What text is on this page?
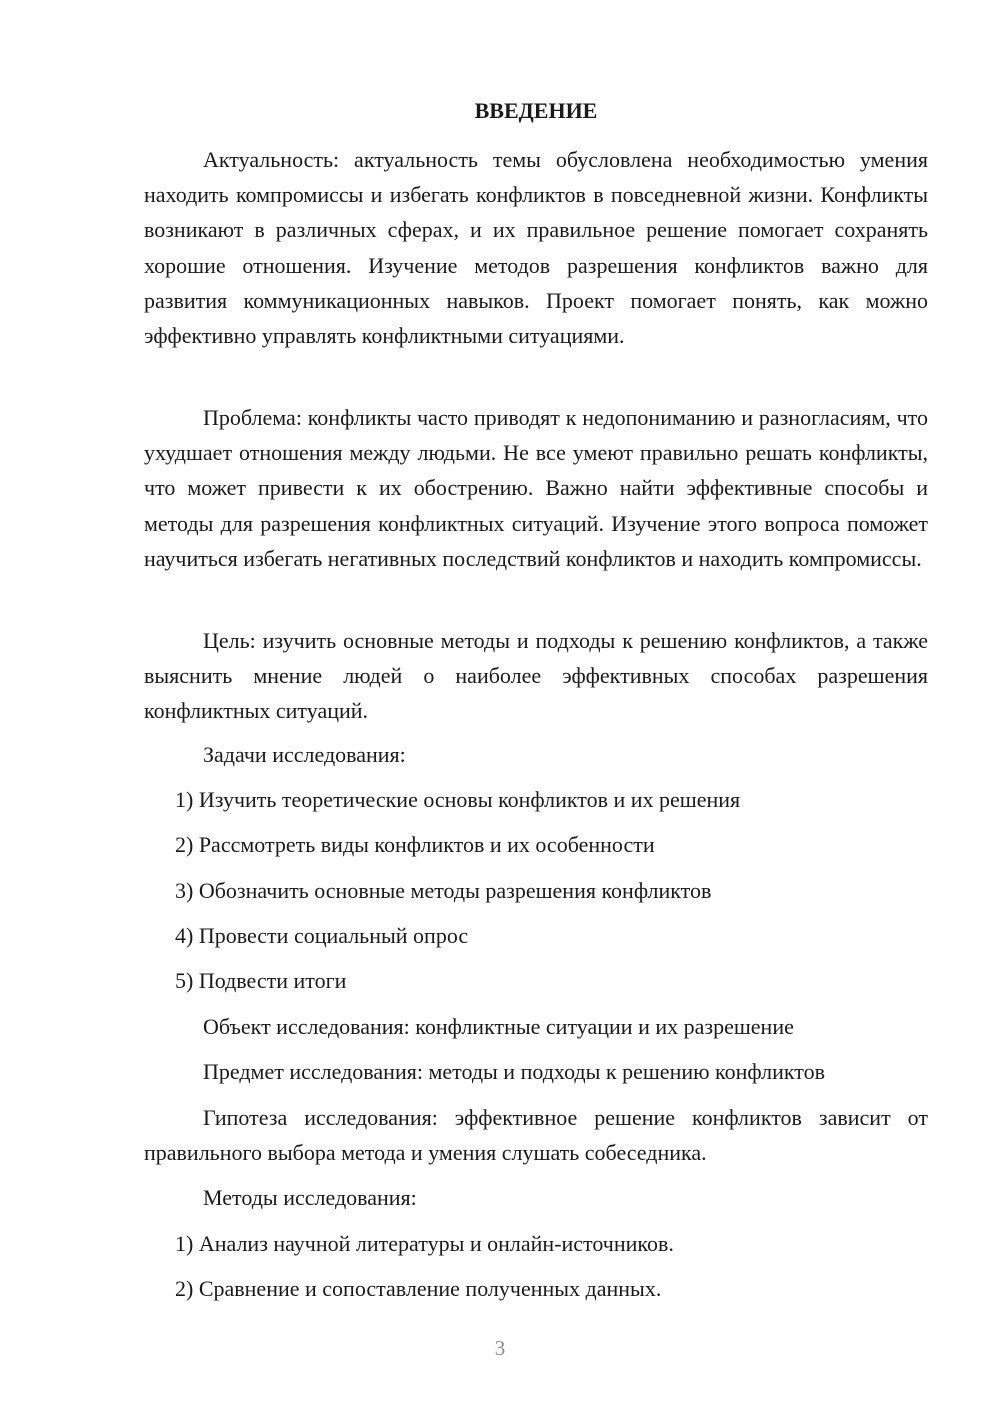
ВВЕДЕНИЕ

Актуальность: актуальность темы обусловлена необходимостью умения находить компромиссы и избегать конфликтов в повседневной жизни. Конфликты возникают в различных сферах, и их правильное решение помогает сохранять хорошие отношения. Изучение методов разрешения конфликтов важно для развития коммуникационных навыков. Проект помогает понять, как можно эффективно управлять конфликтными ситуациями.

Проблема: конфликты часто приводят к недопониманию и разногласиям, что ухудшает отношения между людьми. Не все умеют правильно решать конфликты, что может привести к их обострению. Важно найти эффективные способы и методы для разрешения конфликтных ситуаций. Изучение этого вопроса поможет научиться избегать негативных последствий конфликтов и находить компромиссы.

Цель: изучить основные методы и подходы к решению конфликтов, а также выяснить мнение людей о наиболее эффективных способах разрешения конфликтных ситуаций.

Задачи исследования:

1) Изучить теоретические основы конфликтов и их решения

2) Рассмотреть виды конфликтов и их особенности

3) Обозначить основные методы разрешения конфликтов

4) Провести социальный опрос

5) Подвести итоги

Объект исследования: конфликтные ситуации и их разрешение

Предмет исследования: методы и подходы к решению конфликтов

Гипотеза исследования: эффективное решение конфликтов зависит от правильного выбора метода и умения слушать собеседника.

Методы исследования:

1) Анализ научной литературы и онлайн-источников.

2) Сравнение и сопоставление полученных данных.

3
